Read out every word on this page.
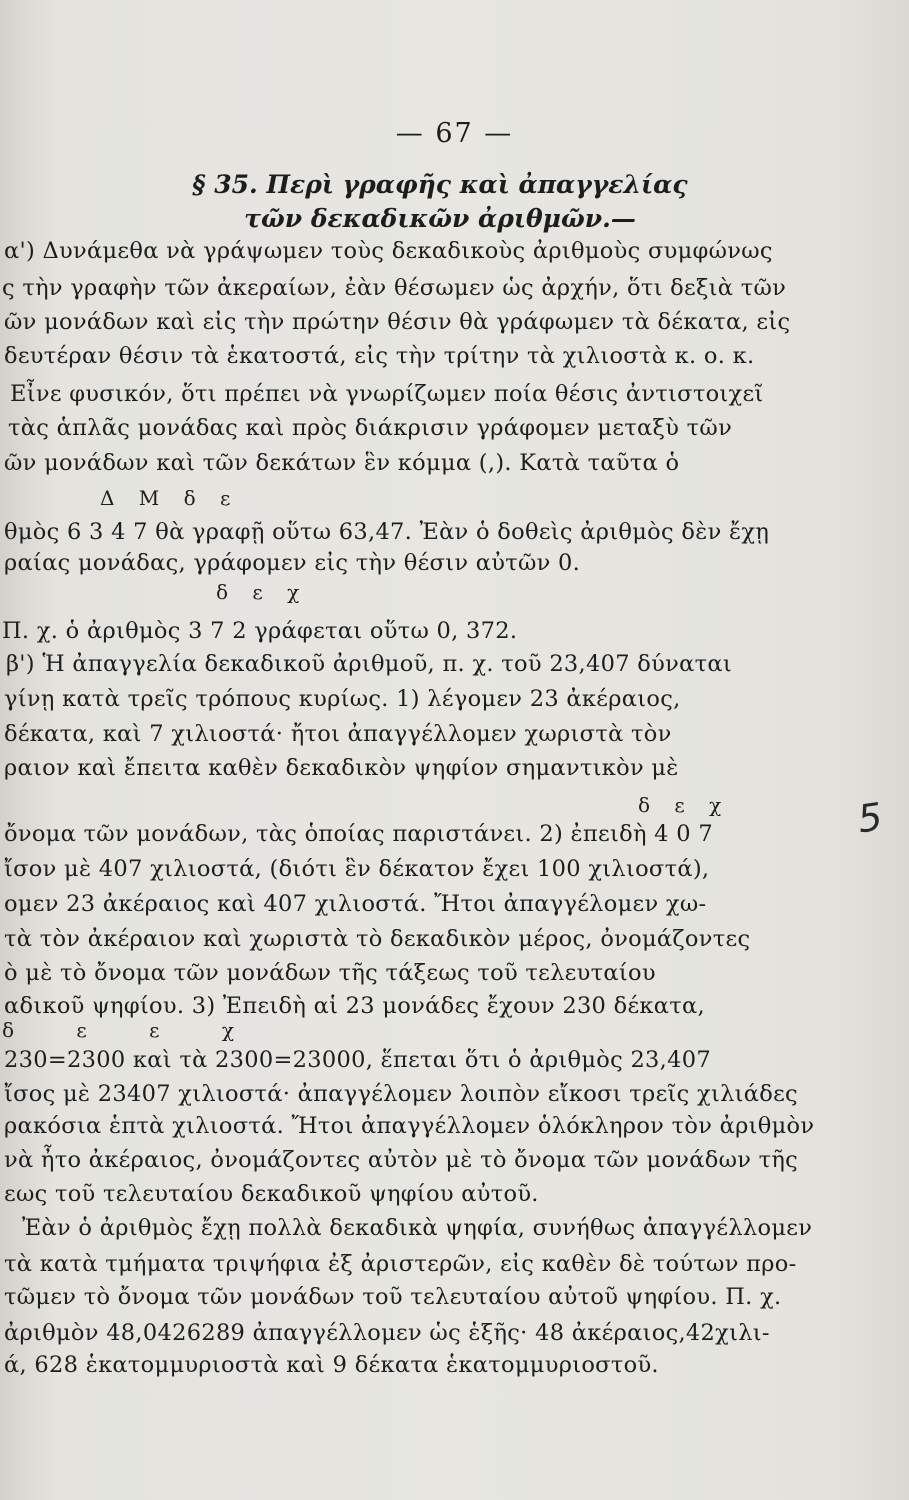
— 67 —
§ 35. Περὶ γραφῆς καὶ ἀπαγγελίας
τῶν δεκαδικῶν ἀριθμῶν.—
α') Δυνάμεθα νὰ γράψωμεν τοὺς δεκαδικοὺς ἀριθμοὺς συμφώνως
ς τὴν γραφὴν τῶν ἀκεραίων, ἐὰν θέσωμεν ὡς ἀρχήν, ὅτι δεξιὰ τῶν
ῶν μονάδων καὶ εἰς τὴν πρώτην θέσιν θὰ γράφωμεν τὰ δέκατα, εἰς
δευτέραν θέσιν τὰ ἑκατοστά, εἰς τὴν τρίτην τὰ χιλιοστὰ κ. ο. κ.
Εἶνε φυσικόν, ὅτι πρέπει νὰ γνωρίζωμεν ποία θέσις ἀντιστοιχεῖ
τὰς ἁπλᾶς μονάδας καὶ πρὸς διάκρισιν γράφομεν μεταξὺ τῶν
ῶν μονάδων καὶ τῶν δεκάτων ἓν κόμμα (,). Κατὰ ταῦτα ὁ
θμὸς 6 3 4 7 θὰ γραφῇ οὕτω 63,47. Ἐὰν ὁ δοθεὶς ἀριθμὸς δὲν ἔχῃ
ραίας μονάδας, γράφομεν εἰς τὴν θέσιν αὐτῶν 0.
Π. χ. ὁ ἀριθμὸς 3 7 2 γράφεται οὕτω 0, 372.
β') Ἡ ἀπαγγελία δεκαδικοῦ ἀριθμοῦ, π. χ. τοῦ 23,407 δύναται
γίνῃ κατὰ τρεῖς τρόπους κυρίως. 1) λέγομεν 23 ἀκέραιος,
δέκατα, καὶ 7 χιλιοστά· ἤτοι ἀπαγγέλλομεν χωριστὰ τὸν
ραιον καὶ ἔπειτα καθὲν δεκαδικὸν ψηφίον σημαντικὸν μὲ
ὄνομα τῶν μονάδων, τὰς ὁποίας παριστάνει. 2) ἐπειδὴ 4 0 7
ἴσον μὲ 407 χιλιοστά, (διότι ἓν δέκατον ἔχει 100 χιλιοστά),
ομεν 23 ἀκέραιος καὶ 407 χιλιοστά. Ἤτοι ἀπαγγέλομεν χω-
τὰ τὸν ἀκέραιον καὶ χωριστὰ τὸ δεκαδικὸν μέρος, ὀνομάζοντες
ὸ μὲ τὸ ὄνομα τῶν μονάδων τῆς τάξεως τοῦ τελευταίου
αδικοῦ ψηφίου. 3) Ἐπειδὴ αἱ 23 μονάδες ἔχουν 230 δέκατα,
230=2300 καὶ τὰ 2300=23000, ἕπεται ὅτι ὁ ἀριθμὸς 23,407
ἴσος μὲ 23407 χιλιοστά· ἀπαγγέλομεν λοιπὸν εἴκοσι τρεῖς χιλιάδες
ρακόσια ἑπτὰ χιλιοστά. Ἤτοι ἀπαγγέλλομεν ὁλόκληρον τὸν ἀριθμὸν
νὰ ἦτο ἀκέραιος, ὀνομάζοντες αὐτὸν μὲ τὸ ὄνομα τῶν μονάδων τῆς
εως τοῦ τελευταίου δεκαδικοῦ ψηφίου αὐτοῦ.
Ἐὰν ὁ ἀριθμὸς ἔχῃ πολλὰ δεκαδικὰ ψηφία, συνήθως ἀπαγγέλλομεν
τὰ κατὰ τμήματα τριψήφια ἐξ ἀριστερῶν, εἰς καθὲν δὲ τούτων προ-
τῶμεν τὸ ὄνομα τῶν μονάδων τοῦ τελευταίου αὐτοῦ ψηφίου. Π. χ.
ἀριθμὸν 48,0426289 ἀπαγγέλλομεν ὡς ἑξῆς· 48 ἀκέραιος,42χιλι-
ά, 628 ἑκατομμυριοστὰ καὶ 9 δέκατα ἑκατομμυριοστοῦ.
Δ Μ δ ε
δ ε χ
δ ε χ
δ ε ε χ
5
